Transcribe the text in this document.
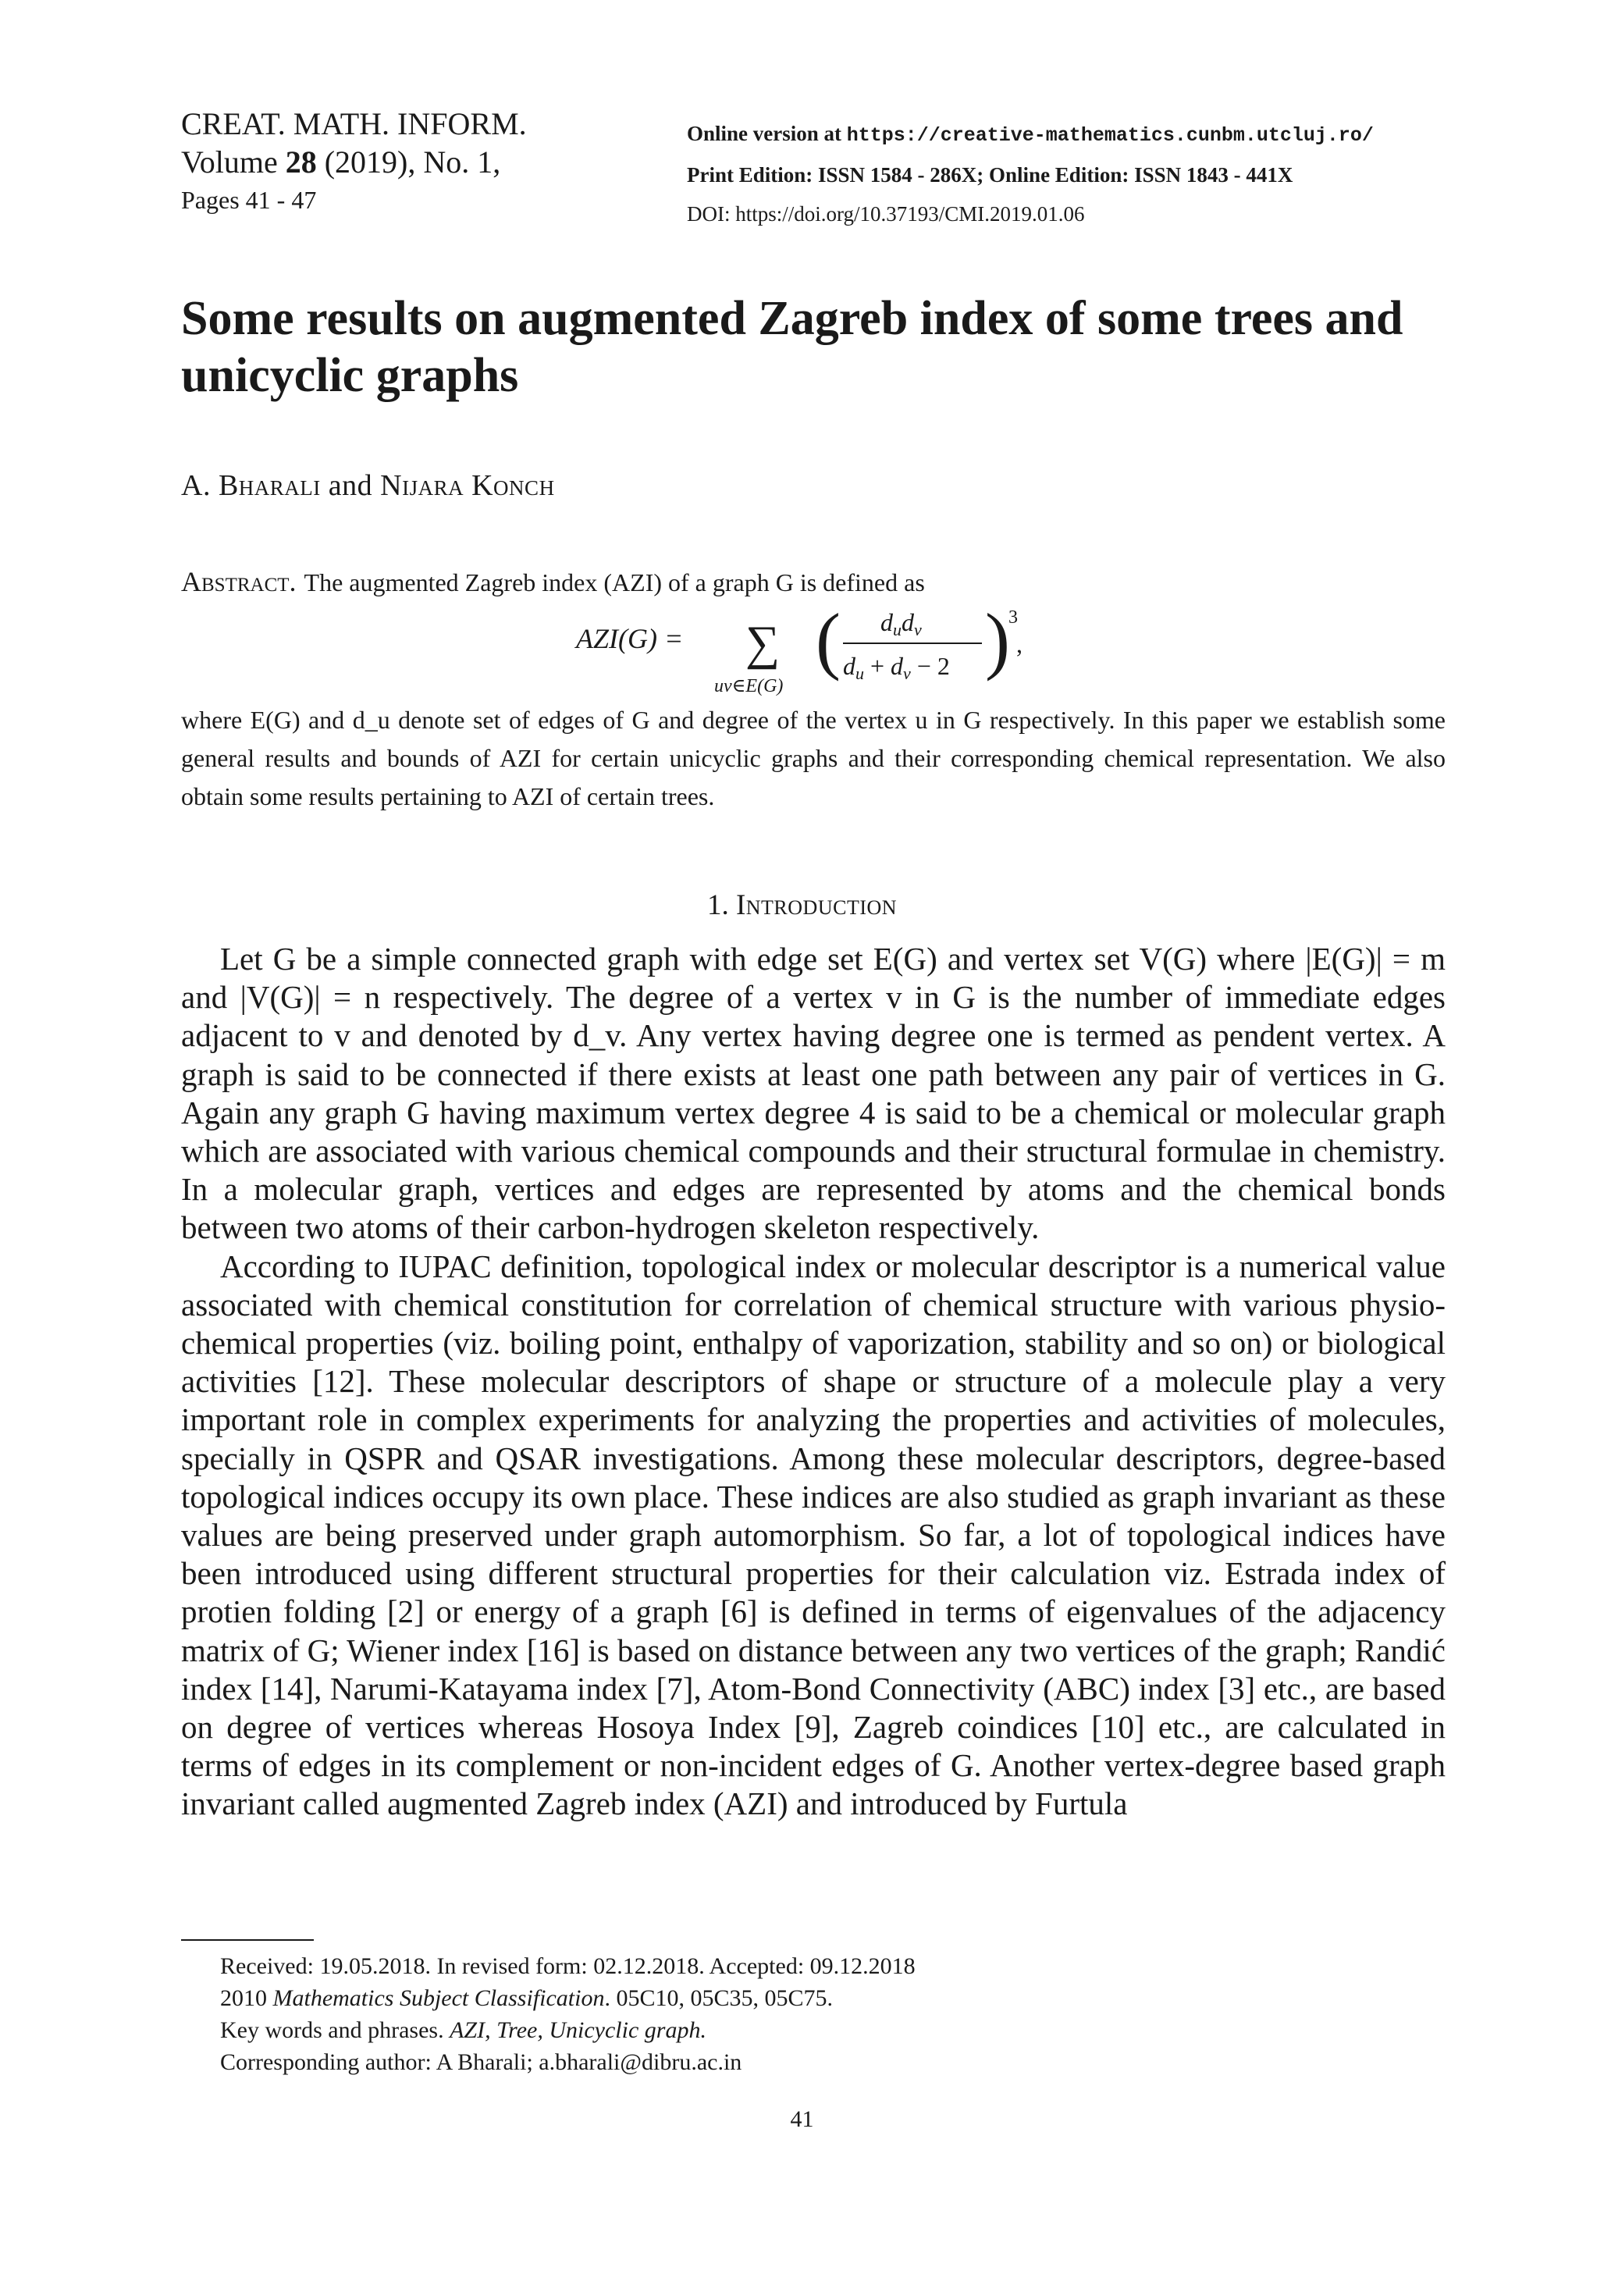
CREAT. MATH. INFORM.
Volume 28 (2019), No. 1,
Pages 41 - 47
Online version at https://creative-mathematics.cunbm.utcluj.ro/
Print Edition: ISSN 1584 - 286X; Online Edition: ISSN 1843 - 441X
DOI: https://doi.org/10.37193/CMI.2019.01.06
Some results on augmented Zagreb index of some trees and unicyclic graphs
A. Bharali and Nijara Konch
Abstract. The augmented Zagreb index (AZI) of a graph G is defined as
AZI(G) = ∑
uv∈E(G)
( dudv
du + dv − 2 )
3
,
where E(G) and d_u denote set of edges of G and degree of the vertex u in G respectively. In this paper we establish some general results and bounds of AZI for certain unicyclic graphs and their corresponding chemical representation. We also obtain some results pertaining to AZI of certain trees.
1. Introduction

Let G be a simple connected graph with edge set E(G) and vertex set V(G) where |E(G)| = m and |V(G)| = n respectively. The degree of a vertex v in G is the number of immediate edges adjacent to v and denoted by d_v. Any vertex having degree one is termed as pendent vertex. A graph is said to be connected if there exists at least one path between any pair of vertices in G. Again any graph G having maximum vertex degree 4 is said to be a chemical or molecular graph which are associated with various chemical compounds and their structural formulae in chemistry. In a molecular graph, vertices and edges are represented by atoms and the chemical bonds between two atoms of their carbon-hydrogen skeleton respectively.

According to IUPAC definition, topological index or molecular descriptor is a numerical value associated with chemical constitution for correlation of chemical structure with various physio-chemical properties (viz. boiling point, enthalpy of vaporization, stability and so on) or biological activities [12]. These molecular descriptors of shape or structure of a molecule play a very important role in complex experiments for analyzing the properties and activities of molecules, specially in QSPR and QSAR investigations. Among these molecular descriptors, degree-based topological indices occupy its own place. These indices are also studied as graph invariant as these values are being preserved under graph automorphism. So far, a lot of topological indices have been introduced using different structural properties for their calculation viz. Estrada index of protien folding [2] or energy of a graph [6] is defined in terms of eigenvalues of the adjacency matrix of G; Wiener index [16] is based on distance between any two vertices of the graph; Randić index [14], Narumi-Katayama index [7], Atom-Bond Connectivity (ABC) index [3] etc., are based on degree of vertices whereas Hosoya Index [9], Zagreb coindices [10] etc., are calculated in terms of edges in its complement or non-incident edges of G. Another vertex-degree based graph invariant called augmented Zagreb index (AZI) and introduced by Furtula

Received: 19.05.2018. In revised form: 02.12.2018. Accepted: 09.12.2018
2010 Mathematics Subject Classification. 05C10, 05C35, 05C75.
Key words and phrases. AZI, Tree, Unicyclic graph.
Corresponding author: A Bharali; a.bharali@dibru.ac.in
41
